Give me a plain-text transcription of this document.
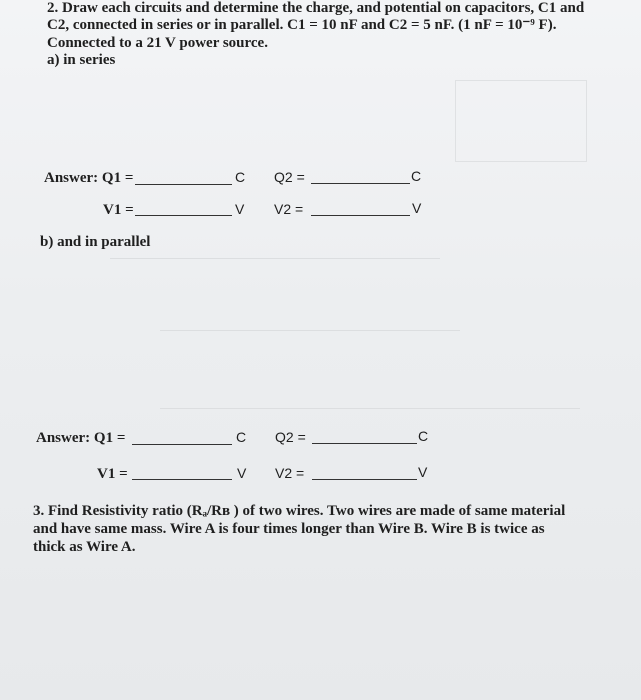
2. Draw each circuits and determine the charge, and potential on capacitors, C1 and
C2, connected in series or in parallel. C1 = 10 nF and C2 = 5 nF. (1 nF = 10⁻⁹ F).
Connected to a 21 V power source.
a) in series
Answer: Q1 =	C Q2 =	C
V1 =	V V2 =	V
b) and in parallel
Answer: Q1 =	C Q2 =	C
V1 =	V V2 =	V
3. Find Resistivity ratio (Rₐ/Rʙ ) of two wires. Two wires are made of same material
and have same mass. Wire A is four times longer than Wire B. Wire B is twice as
thick as Wire A.
